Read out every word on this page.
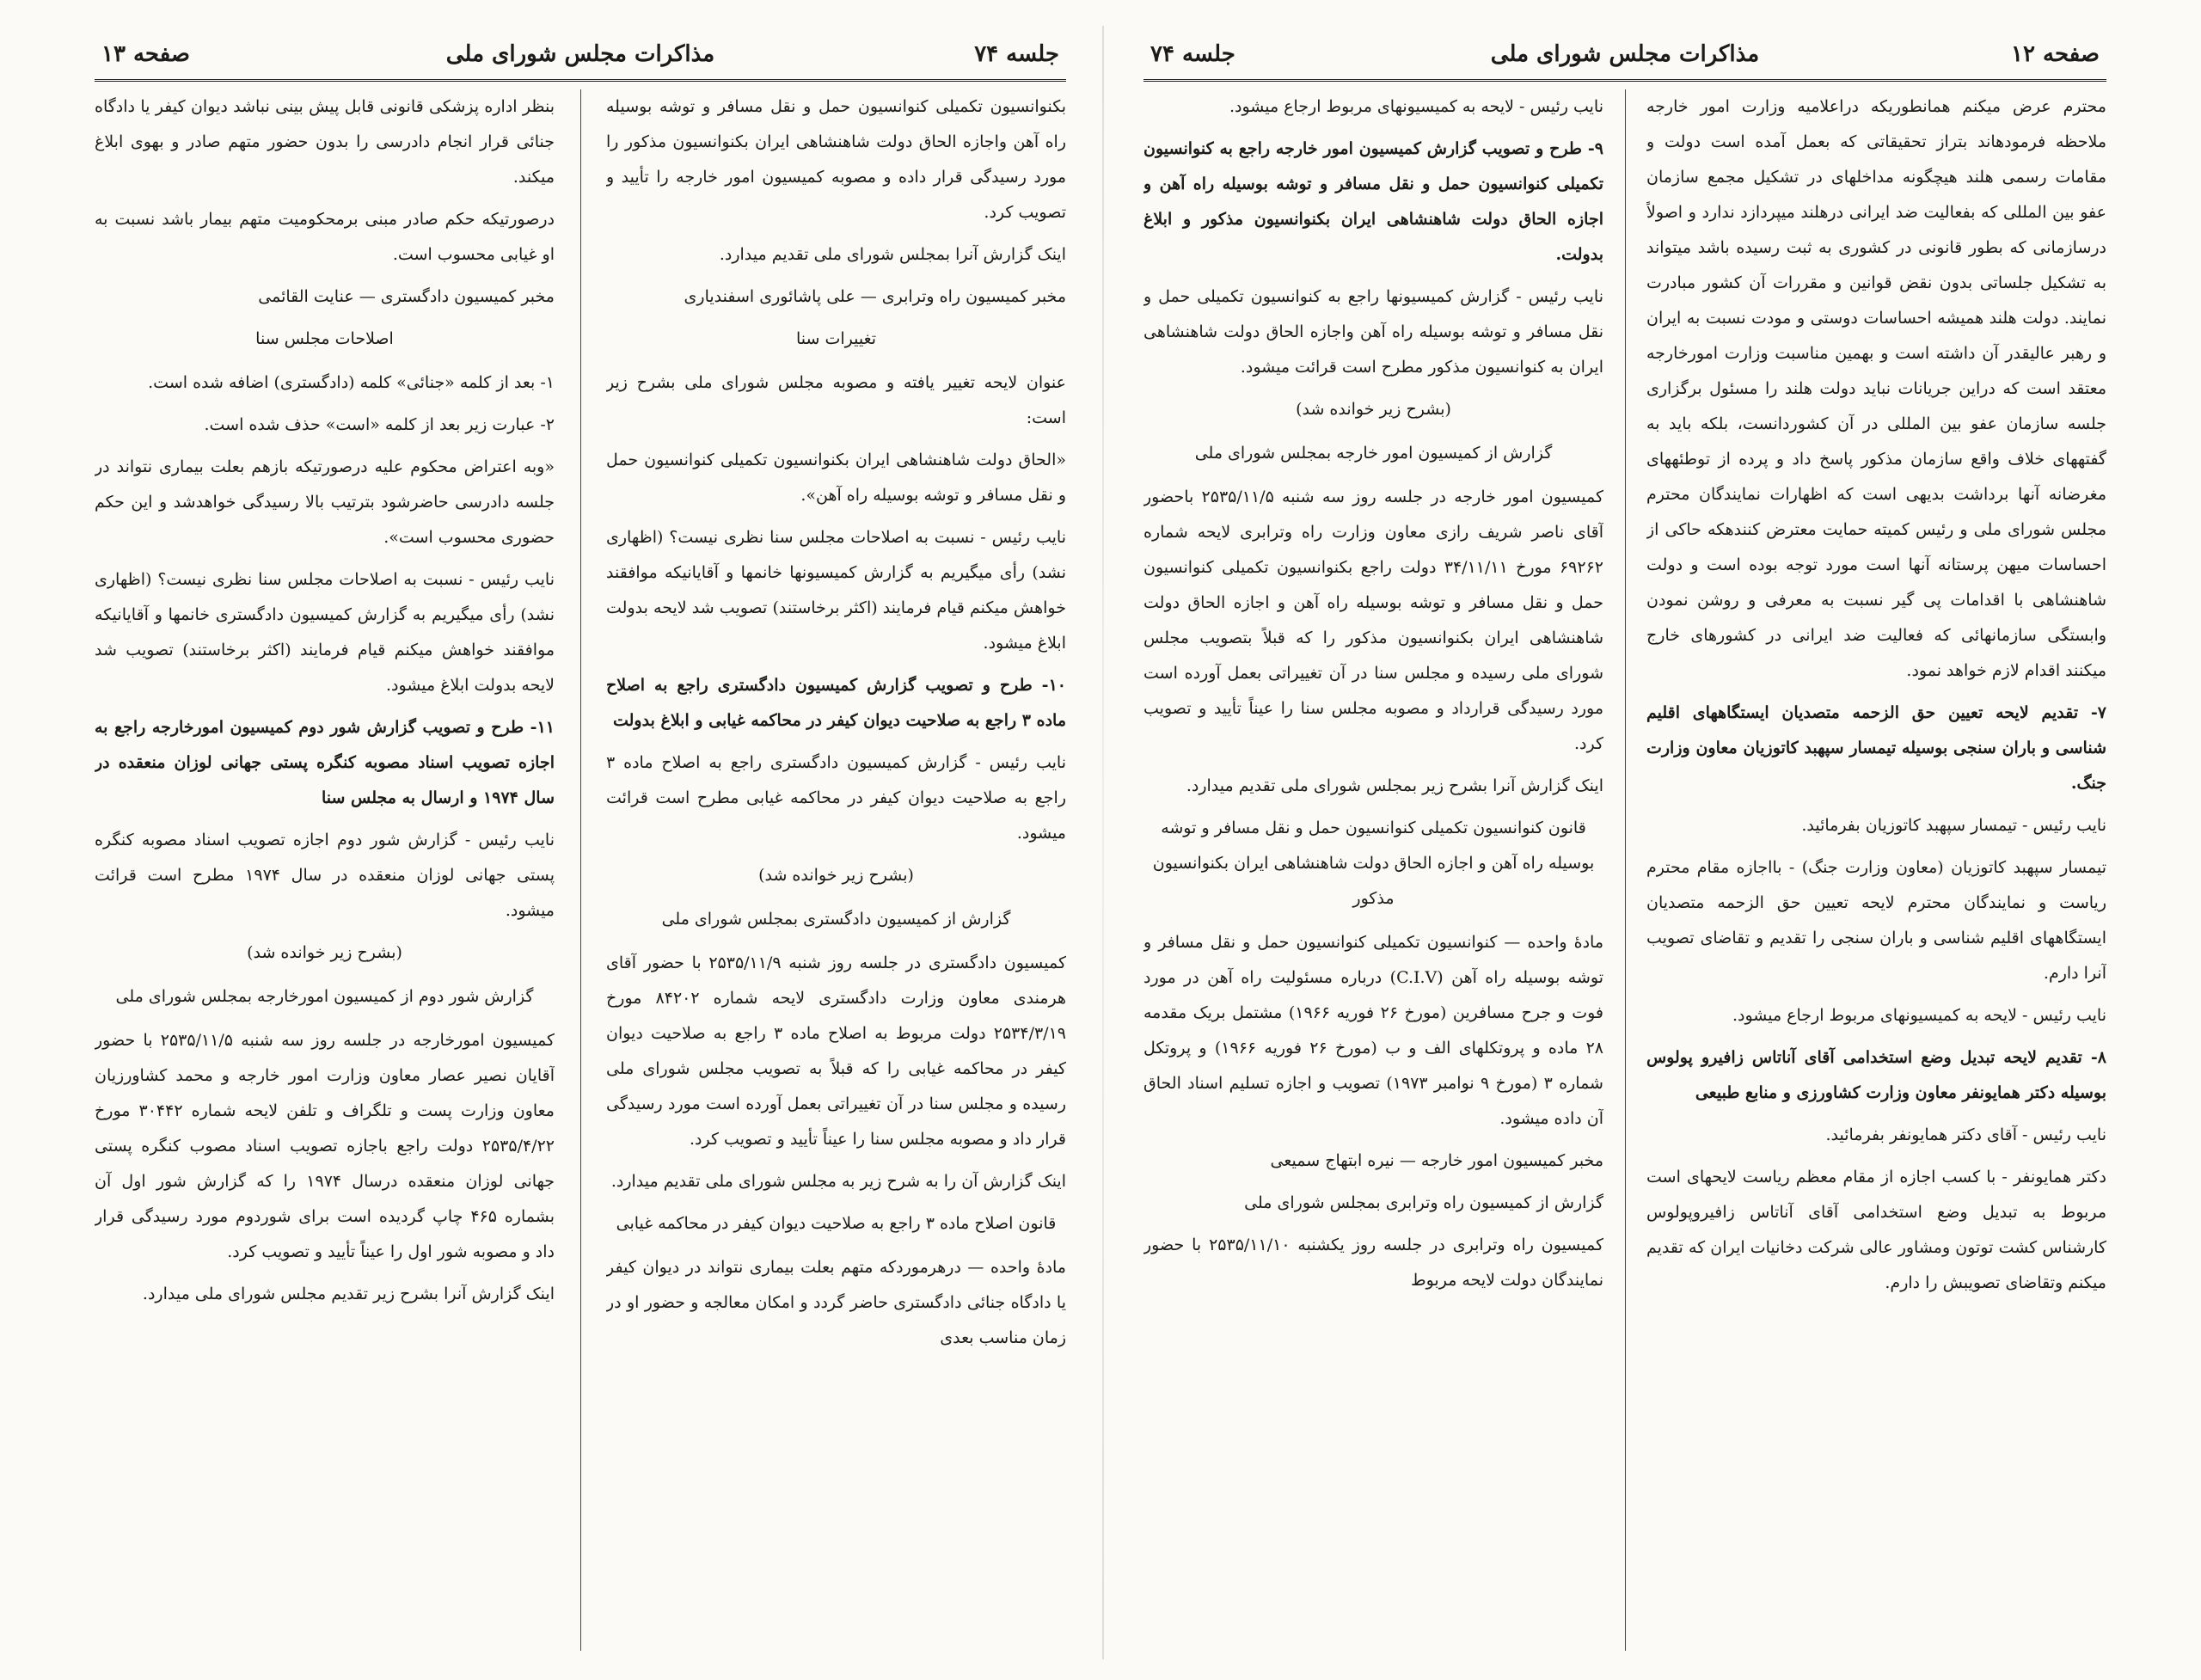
جلسه ۷۴
مذاکرات مجلس شورای ملی
صفحه ۱۳

بکنوانسیون تکمیلی کنوانسیون حمل و نقل مسافر و توشه بوسیله راه آهن واجازه الحاق دولت شاهنشاهی ایران بکنوانسیون مذکور را مورد رسیدگی قرار داده و مصوبه کمیسیون امور خارجه را تأیید و تصویب کرد.

اینک گزارش آنرا بمجلس شورای ملی تقدیم میدارد.

مخبر کمیسیون راه وترابری — علی پاشائوری اسفندیاری

تغییرات سنا

عنوان لایحه تغییر یافته و مصوبه مجلس شورای ملی بشرح زیر است:

«الحاق دولت شاهنشاهی ایران بکنوانسیون تکمیلی کنوانسیون حمل و نقل مسافر و توشه بوسیله راه آهن».

نایب رئیس - نسبت به اصلاحات مجلس سنا نظری نیست؟ (اظهاری نشد) رأی میگیریم به گزارش کمیسیونها خانمها و آقایانیکه موافقند خواهش میکنم قیام فرمایند (اکثر برخاستند) تصویب شد لایحه بدولت ابلاغ میشود.

۱۰- طرح و تصویب گزارش کمیسیون دادگستری راجع به اصلاح ماده ۳ راجع به صلاحیت دیوان کیفر در محاکمه غیابی و ابلاغ بدولت

نایب رئیس - گزارش کمیسیون دادگستری راجع به اصلاح ماده ۳ راجع به صلاحیت دیوان کیفر در محاکمه غیابی مطرح است قرائت میشود.

(بشرح زیر خوانده شد)

گزارش از کمیسیون دادگستری بمجلس شورای ملی

کمیسیون دادگستری در جلسه روز شنبه ۲۵۳۵/۱۱/۹ با حضور آقای هرمندی معاون وزارت دادگستری لایحه شماره ۸۴۲۰۲ مورخ ۲۵۳۴/۳/۱۹ دولت مربوط به اصلاح ماده ۳ راجع به صلاحیت دیوان کیفر در محاکمه غیابی را که قبلاً به تصویب مجلس شورای ملی رسیده و مجلس سنا در آن تغییراتی بعمل آورده است مورد رسیدگی قرار داد و مصوبه مجلس سنا را عیناً تأیید و تصویب کرد.

اینک گزارش آن را به شرح زیر به مجلس شورای ملی تقدیم میدارد.

قانون اصلاح ماده ۳ راجع به صلاحیت دیوان کیفر در محاکمه غیابی

مادهٔ واحده — درهرموردکه متهم بعلت بیماری نتواند در دیوان کیفر یا دادگاه جنائی دادگستری حاضر گردد و امکان معالجه و حضور او در زمان مناسب بعدی

بنظر اداره پزشکی قانونی قابل پیش بینی نباشد دیوان کیفر یا دادگاه جنائی قرار انجام دادرسی را بدون حضور متهم صادر و بهوی ابلاغ میکند.

درصورتیکه حکم صادر مبنی برمحکومیت متهم بیمار باشد نسبت به او غیابی محسوب است.

مخبر کمیسیون دادگستری — عنایت القائمی

اصلاحات مجلس سنا

۱- بعد از کلمه «جنائی» کلمه (دادگستری) اضافه شده است.

۲- عبارت زیر بعد از کلمه «است» حذف شده است.

«وبه اعتراض محکوم علیه درصورتیکه بازهم بعلت بیماری نتواند در جلسه دادرسی حاضرشود بترتیب بالا رسیدگی خواهدشد و این حکم حضوری محسوب است».

نایب رئیس - نسبت به اصلاحات مجلس سنا نظری نیست؟ (اظهاری نشد) رأی میگیریم به گزارش کمیسیون دادگستری خانمها و آقایانیکه موافقند خواهش میکنم قیام فرمایند (اکثر برخاستند) تصویب شد لایحه بدولت ابلاغ میشود.

۱۱- طرح و تصویب گزارش شور دوم کمیسیون امورخارجه راجع به اجازه تصویب اسناد مصوبه کنگره پستی جهانی لوزان منعقده در سال ۱۹۷۴ و ارسال به مجلس سنا

نایب رئیس - گزارش شور دوم اجازه تصویب اسناد مصوبه کنگره پستی جهانی لوزان منعقده در سال ۱۹۷۴ مطرح است قرائت میشود.

(بشرح زیر خوانده شد)

گزارش شور دوم از کمیسیون امورخارجه بمجلس شورای ملی

کمیسیون امورخارجه در جلسه روز سه شنبه ۲۵۳۵/۱۱/۵ با حضور آقایان نصیر عصار معاون وزارت امور خارجه و محمد کشاورزیان معاون وزارت پست و تلگراف و تلفن لایحه شماره ۳۰۴۴۲ مورخ ۲۵۳۵/۴/۲۲ دولت راجع باجازه تصویب اسناد مصوب کنگره پستی جهانی لوزان منعقده درسال ۱۹۷۴ را که گزارش شور اول آن بشماره ۴۶۵ چاپ گردیده است برای شوردوم مورد رسیدگی قرار داد و مصوبه شور اول را عیناً تأیید و تصویب کرد.

اینک گزارش آنرا بشرح زیر تقدیم مجلس شورای ملی میدارد.

صفحه ۱۲
مذاکرات مجلس شورای ملی
جلسه ۷۴

محترم عرض میکنم همانطوریکه دراعلامیه وزارت امور خارجه ملاحظه فرمودهاند بتراز تحقیقاتی که بعمل آمده است دولت و مقامات رسمی هلند هیچگونه مداخلهای در تشکیل مجمع سازمان عفو بین المللی که بفعالیت ضد ایرانی درهلند میپردازد ندارد و اصولاً درسازمانی که بطور قانونی در کشوری به ثبت رسیده باشد میتواند به تشکیل جلساتی بدون نقض قوانین و مقررات آن کشور مبادرت نمایند. دولت هلند همیشه احساسات دوستی و مودت نسبت به ایران و رهبر عالیقدر آن داشته است و بهمین مناسبت وزارت امورخارجه معتقد است که دراین جریانات نباید دولت هلند را مسئول برگزاری جلسه سازمان عفو بین المللی در آن کشوردانست، بلکه باید به گفتههای خلاف واقع سازمان مذکور پاسخ داد و پرده از توطئههای مغرضانه آنها برداشت بدیهی است که اظهارات نمایندگان محترم مجلس شورای ملی و رئیس کمیته حمایت معترض کنندهکه حاکی از احساسات میهن پرستانه آنها است مورد توجه بوده است و دولت شاهنشاهی با اقدامات پی گیر نسبت به معرفی و روشن نمودن وابستگی سازمانهائی که فعالیت ضد ایرانی در کشورهای خارج میکنند اقدام لازم خواهد نمود.

۷- تقدیم لایحه تعیین حق الزحمه متصدیان ایستگاههای اقلیم شناسی و باران سنجی بوسیله تیمسار سپهبد کاتوزیان معاون وزارت جنگ.

نایب رئیس - تیمسار سپهبد کاتوزیان بفرمائید.

تیمسار سپهبد کاتوزیان (معاون وزارت جنگ) - بااجازه مقام محترم ریاست و نمایندگان محترم لایحه تعیین حق الزحمه متصدیان ایستگاههای اقلیم شناسی و باران سنجی را تقدیم و تقاضای تصویب آنرا دارم.

نایب رئیس - لایحه به کمیسیونهای مربوط ارجاع میشود.

۸- تقدیم لایحه تبدیل وضع استخدامی آقای آناتاس زافیرو پولوس بوسیله دکتر همایونفر معاون وزارت کشاورزی و منابع طبیعی

نایب رئیس - آقای دکتر همایونفر بفرمائید.

دکتر همایونفر - با کسب اجازه از مقام معظم ریاست لایحهای است مربوط به تبدیل وضع استخدامی آقای آناتاس زافیروپولوس کارشناس کشت توتون ومشاور عالی شرکت دخانیات ایران که تقدیم میکنم وتقاضای تصویبش را دارم.

نایب رئیس - لایحه به کمیسیونهای مربوط ارجاع میشود.

۹- طرح و تصویب گزارش کمیسیون امور خارجه راجع به کنوانسیون تکمیلی کنوانسیون حمل و نقل مسافر و توشه بوسیله راه آهن و اجازه الحاق دولت شاهنشاهی ایران بکنوانسیون مذکور و ابلاغ بدولت.

نایب رئیس - گزارش کمیسیونها راجع به کنوانسیون تکمیلی حمل و نقل مسافر و توشه بوسیله راه آهن واجازه الحاق دولت شاهنشاهی ایران به کنوانسیون مذکور مطرح است قرائت میشود.

(بشرح زیر خوانده شد)

گزارش از کمیسیون امور خارجه بمجلس شورای ملی

کمیسیون امور خارجه در جلسه روز سه شنبه ۲۵۳۵/۱۱/۵ باحضور آقای ناصر شریف رازی معاون وزارت راه وترابری لایحه شماره ۶۹۲۶۲ مورخ ۳۴/۱۱/۱۱ دولت راجع بکنوانسیون تکمیلی کنوانسیون حمل و نقل مسافر و توشه بوسیله راه آهن و اجازه الحاق دولت شاهنشاهی ایران بکنوانسیون مذکور را که قبلاً بتصویب مجلس شورای ملی رسیده و مجلس سنا در آن تغییراتی بعمل آورده است مورد رسیدگی قرارداد و مصوبه مجلس سنا را عیناً تأیید و تصویب کرد.

اینک گزارش آنرا بشرح زیر بمجلس شورای ملی تقدیم میدارد.

قانون کنوانسیون تکمیلی کنوانسیون حمل و نقل مسافر و توشه بوسیله راه آهن و اجازه الحاق دولت شاهنشاهی ایران بکنوانسیون مذکور

مادهٔ واحده — کنوانسیون تکمیلی کنوانسیون حمل و نقل مسافر و توشه بوسیله راه آهن (C.I.V) درباره مسئولیت راه آهن در مورد فوت و جرح مسافرین (مورخ ۲۶ فوریه ۱۹۶۶) مشتمل بریک مقدمه ۲۸ ماده و پروتکلهای الف و ب (مورخ ۲۶ فوریه ۱۹۶۶) و پروتکل شماره ۳ (مورخ ۹ نوامبر ۱۹۷۳) تصویب و اجازه تسلیم اسناد الحاق آن داده میشود.

مخبر کمیسیون امور خارجه — نیره ابتهاج سمیعی

گزارش از کمیسیون راه وترابری بمجلس شورای ملی

کمیسیون راه وترابری در جلسه روز یکشنبه ۲۵۳۵/۱۱/۱۰ با حضور نمایندگان دولت لایحه مربوط
